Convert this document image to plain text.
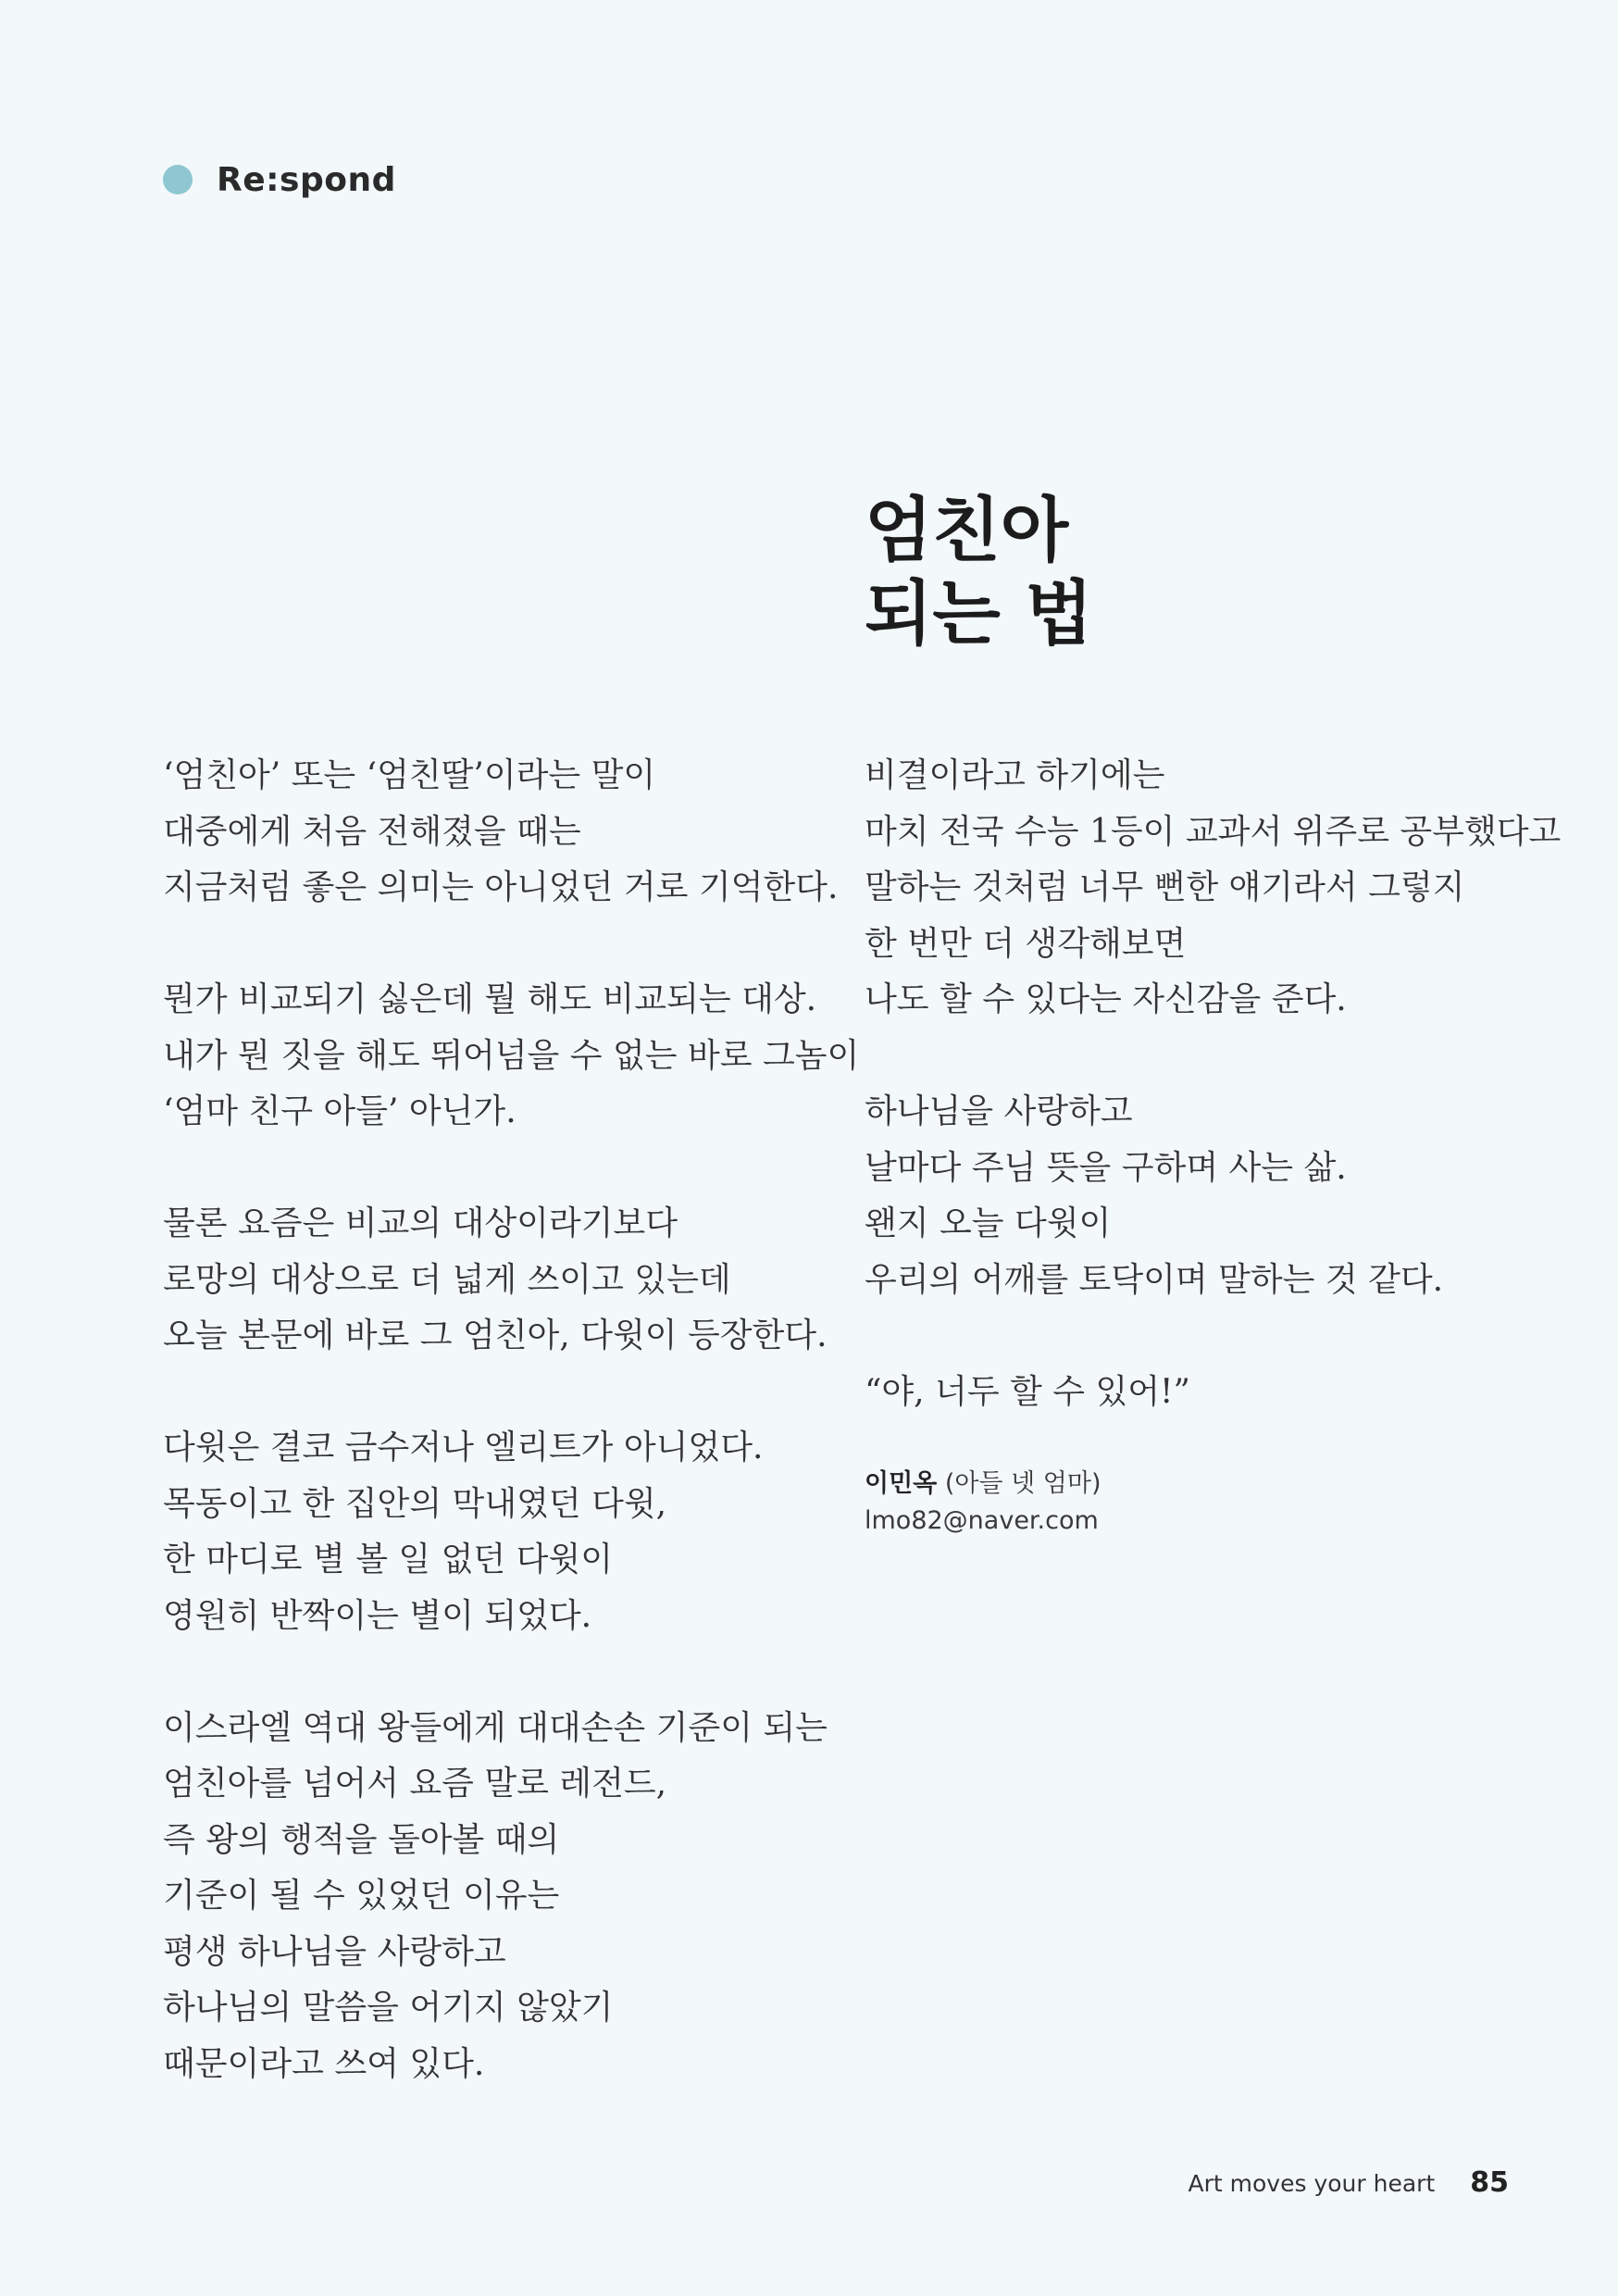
Re:spond
엄친아
되는 법
‘엄친아’ 또는 ‘엄친딸’이라는 말이
대중에게 처음 전해졌을 때는
지금처럼 좋은 의미는 아니었던 거로 기억한다.
뭔가 비교되기 싫은데 뭘 해도 비교되는 대상.
내가 뭔 짓을 해도 뛰어넘을 수 없는 바로 그놈이
‘엄마 친구 아들’ 아닌가.
물론 요즘은 비교의 대상이라기보다
로망의 대상으로 더 넓게 쓰이고 있는데
오늘 본문에 바로 그 엄친아, 다윗이 등장한다.
다윗은 결코 금수저나 엘리트가 아니었다.
목동이고 한 집안의 막내였던 다윗,
한 마디로 별 볼 일 없던 다윗이
영원히 반짝이는 별이 되었다.
이스라엘 역대 왕들에게 대대손손 기준이 되는
엄친아를 넘어서 요즘 말로 레전드,
즉 왕의 행적을 돌아볼 때의
기준이 될 수 있었던 이유는
평생 하나님을 사랑하고
하나님의 말씀을 어기지 않았기
때문이라고 쓰여 있다.
비결이라고 하기에는
마치 전국 수능 1등이 교과서 위주로 공부했다고
말하는 것처럼 너무 뻔한 얘기라서 그렇지
한 번만 더 생각해보면
나도 할 수 있다는 자신감을 준다.
하나님을 사랑하고
날마다 주님 뜻을 구하며 사는 삶.
왠지 오늘 다윗이
우리의 어깨를 토닥이며 말하는 것 같다.
“야, 너두 할 수 있어!”
이민옥 (아들 넷 엄마)
lmo82@naver.com
Art moves your heart 85
